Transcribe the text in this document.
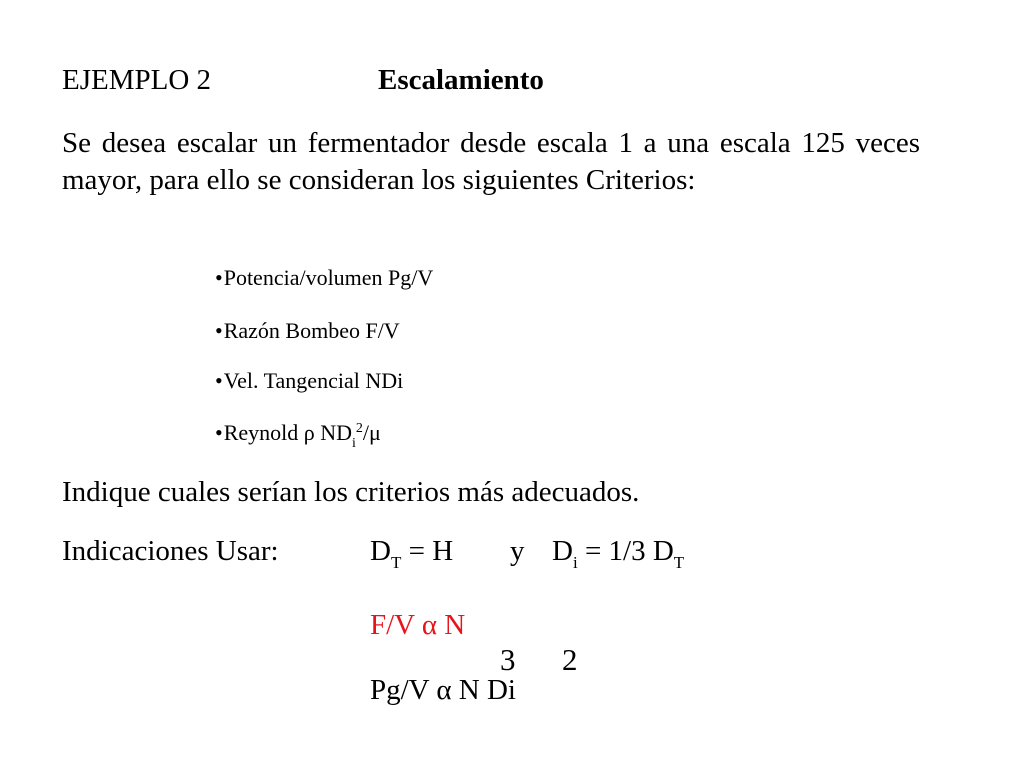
EJEMPLO 2	Escalamiento
Se desea escalar un fermentador desde escala 1 a una escala 125 veces mayor, para ello se consideran los siguientes Criterios:
•Potencia/volumen Pg/V
•Razón Bombeo F/V
•Vel. Tangencial NDi
•Reynold ρ $ND_i^2/\mu$
Indique cuales serían los criterios más adecuados.
Indicaciones Usar:	$D_T = H$ y $D_i = 1/3$ $D_T$
F/V α N
3 2
Pg/V α N Di
